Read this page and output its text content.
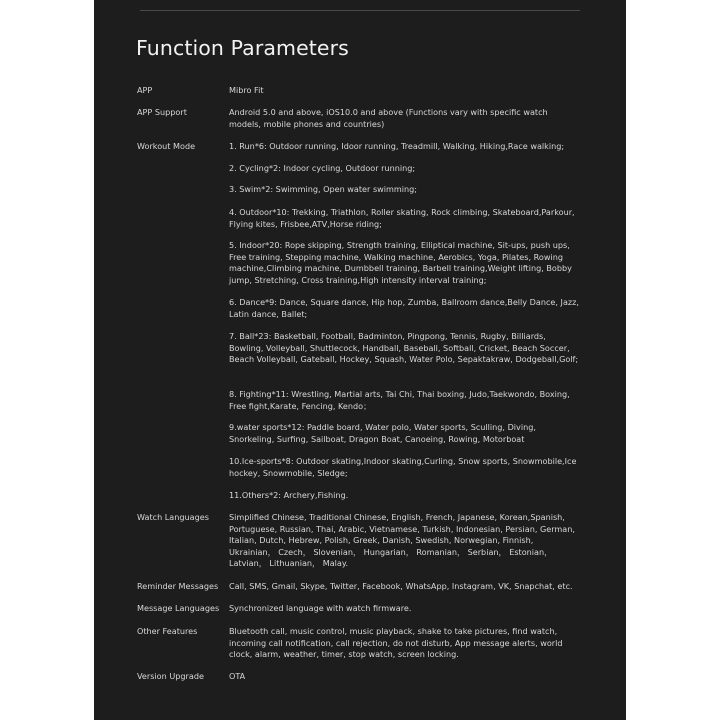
Function Parameters
APP	Mibro Fit
APP Support	Android 5.0 and above, iOS10.0 and above (Functions vary with specific watch models, mobile phones and countries)
Workout Mode	1. Run*6: Outdoor running, Idoor running, Treadmill, Walking, Hiking,Race walking;
2. Cycling*2: Indoor cycling, Outdoor running;
3. Swim*2: Swimming, Open water swimming;
4. Outdoor*10: Trekking, Triathlon, Roller skating, Rock climbing, Skateboard,Parkour, Flying kites, Frisbee,ATV,Horse riding;
5. Indoor*20: Rope skipping, Strength training, Elliptical machine, Sit-ups, push ups, Free training, Stepping machine, Walking machine, Aerobics, Yoga, Pilates, Rowing machine,Climbing machine, Dumbbell training, Barbell training,Weight lifting, Bobby jump, Stretching, Cross training,High intensity interval training;
6. Dance*9: Dance, Square dance, Hip hop, Zumba, Ballroom dance,Belly Dance, Jazz, Latin dance, Ballet;
7. Ball*23: Basketball, Football, Badminton, Pingpong, Tennis, Rugby, Billiards, Bowling, Volleyball, Shuttlecock, Handball, Baseball, Softball, Cricket, Beach Soccer, Beach Volleyball, Gateball, Hockey, Squash, Water Polo, Sepaktakraw, Dodgeball,Golf;
8. Fighting*11: Wrestling, Martial arts, Tai Chi, Thai boxing, Judo,Taekwondo, Boxing, Free fight,Karate, Fencing, Kendo；
9.water sports*12: Paddle board, Water polo, Water sports, Sculling, Diving, Snorkeling, Surfing, Sailboat, Dragon Boat, Canoeing, Rowing, Motorboat
10.Ice-sports*8: Outdoor skating,Indoor skating,Curling, Snow sports, Snowmobile,Ice hockey, Snowmobile, Sledge;
11.Others*2: Archery,Fishing.
Watch Languages	Simplified Chinese, Traditional Chinese, English, French, Japanese, Korean,Spanish, Portuguese, Russian, Thai, Arabic, Vietnamese, Turkish, Indonesian, Persian, German, Italian, Dutch, Hebrew, Polish, Greek, Danish, Swedish, Norwegian, Finnish, Ukrainian， Czech， Slovenian， Hungarian， Romanian， Serbian， Estonian， Latvian， Lithuanian， Malay.
Reminder Messages	Call, SMS, Gmail, Skype, Twitter, Facebook, WhatsApp, Instagram, VK, Snapchat, etc.
Message Languages	Synchronized language with watch firmware.
Other Features	Bluetooth call, music control, music playback, shake to take pictures, find watch, incoming call notification, call rejection, do not disturb, App message alerts, world clock, alarm, weather, timer, stop watch, screen locking.
Version Upgrade	OTA
